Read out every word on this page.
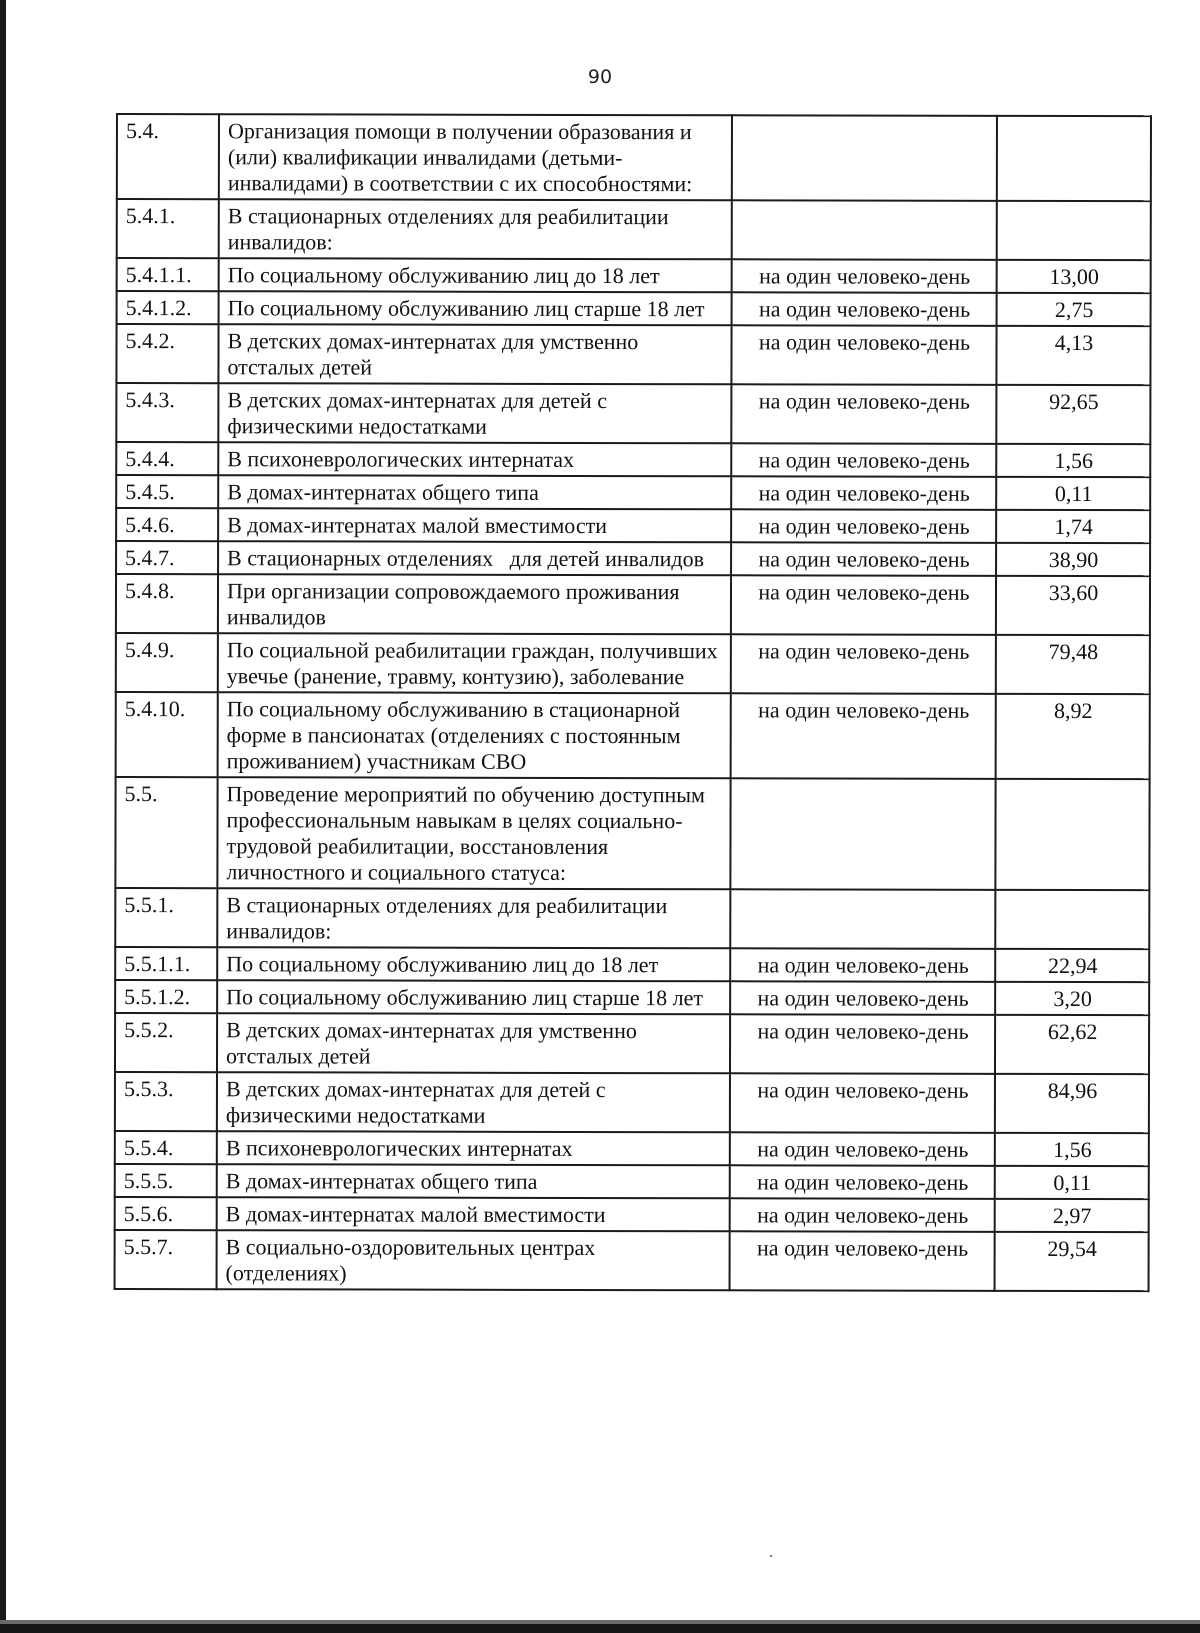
90
5.4.	Организация помощи в получении образования и (или) квалификации инвалидами (детьми-инвалидами) в соответствии с их способностями:		
5.4.1.	В стационарных отделениях для реабилитации инвалидов:		
5.4.1.1.	По социальному обслуживанию лиц до 18 лет	на один человеко-день	13,00
5.4.1.2.	По социальному обслуживанию лиц старше 18 лет	на один человеко-день	2,75
5.4.2.	В детских домах-интернатах для умственно отсталых детей	на один человеко-день	4,13
5.4.3.	В детских домах-интернатах для детей с физическими недостатками	на один человеко-день	92,65
5.4.4.	В психоневрологических интернатах	на один человеко-день	1,56
5.4.5.	В домах-интернатах общего типа	на один человеко-день	0,11
5.4.6.	В домах-интернатах малой вместимости	на один человеко-день	1,74
5.4.7.	В стационарных отделениях   для детей инвалидов	на один человеко-день	38,90
5.4.8.	При организации сопровождаемого проживания инвалидов	на один человеко-день	33,60
5.4.9.	По социальной реабилитации граждан, получивших увечье (ранение, травму, контузию), заболевание	на один человеко-день	79,48
5.4.10.	По социальному обслуживанию в стационарной форме в пансионатах (отделениях с постоянным проживанием) участникам СВО	на один человеко-день	8,92
5.5.	Проведение мероприятий по обучению доступным профессиональным навыкам в целях социально-трудовой реабилитации, восстановления личностного и социального статуса:		
5.5.1.	В стационарных отделениях для реабилитации инвалидов:		
5.5.1.1.	По социальному обслуживанию лиц до 18 лет	на один человеко-день	22,94
5.5.1.2.	По социальному обслуживанию лиц старше 18 лет	на один человеко-день	3,20
5.5.2.	В детских домах-интернатах для умственно отсталых детей	на один человеко-день	62,62
5.5.3.	В детских домах-интернатах для детей с физическими недостатками	на один человеко-день	84,96
5.5.4.	В психоневрологических интернатах	на один человеко-день	1,56
5.5.5.	В домах-интернатах общего типа	на один человеко-день	0,11
5.5.6.	В домах-интернатах малой вместимости	на один человеко-день	2,97
5.5.7.	В социально-оздоровительных центрах (отделениях)	на один человеко-день	29,54
